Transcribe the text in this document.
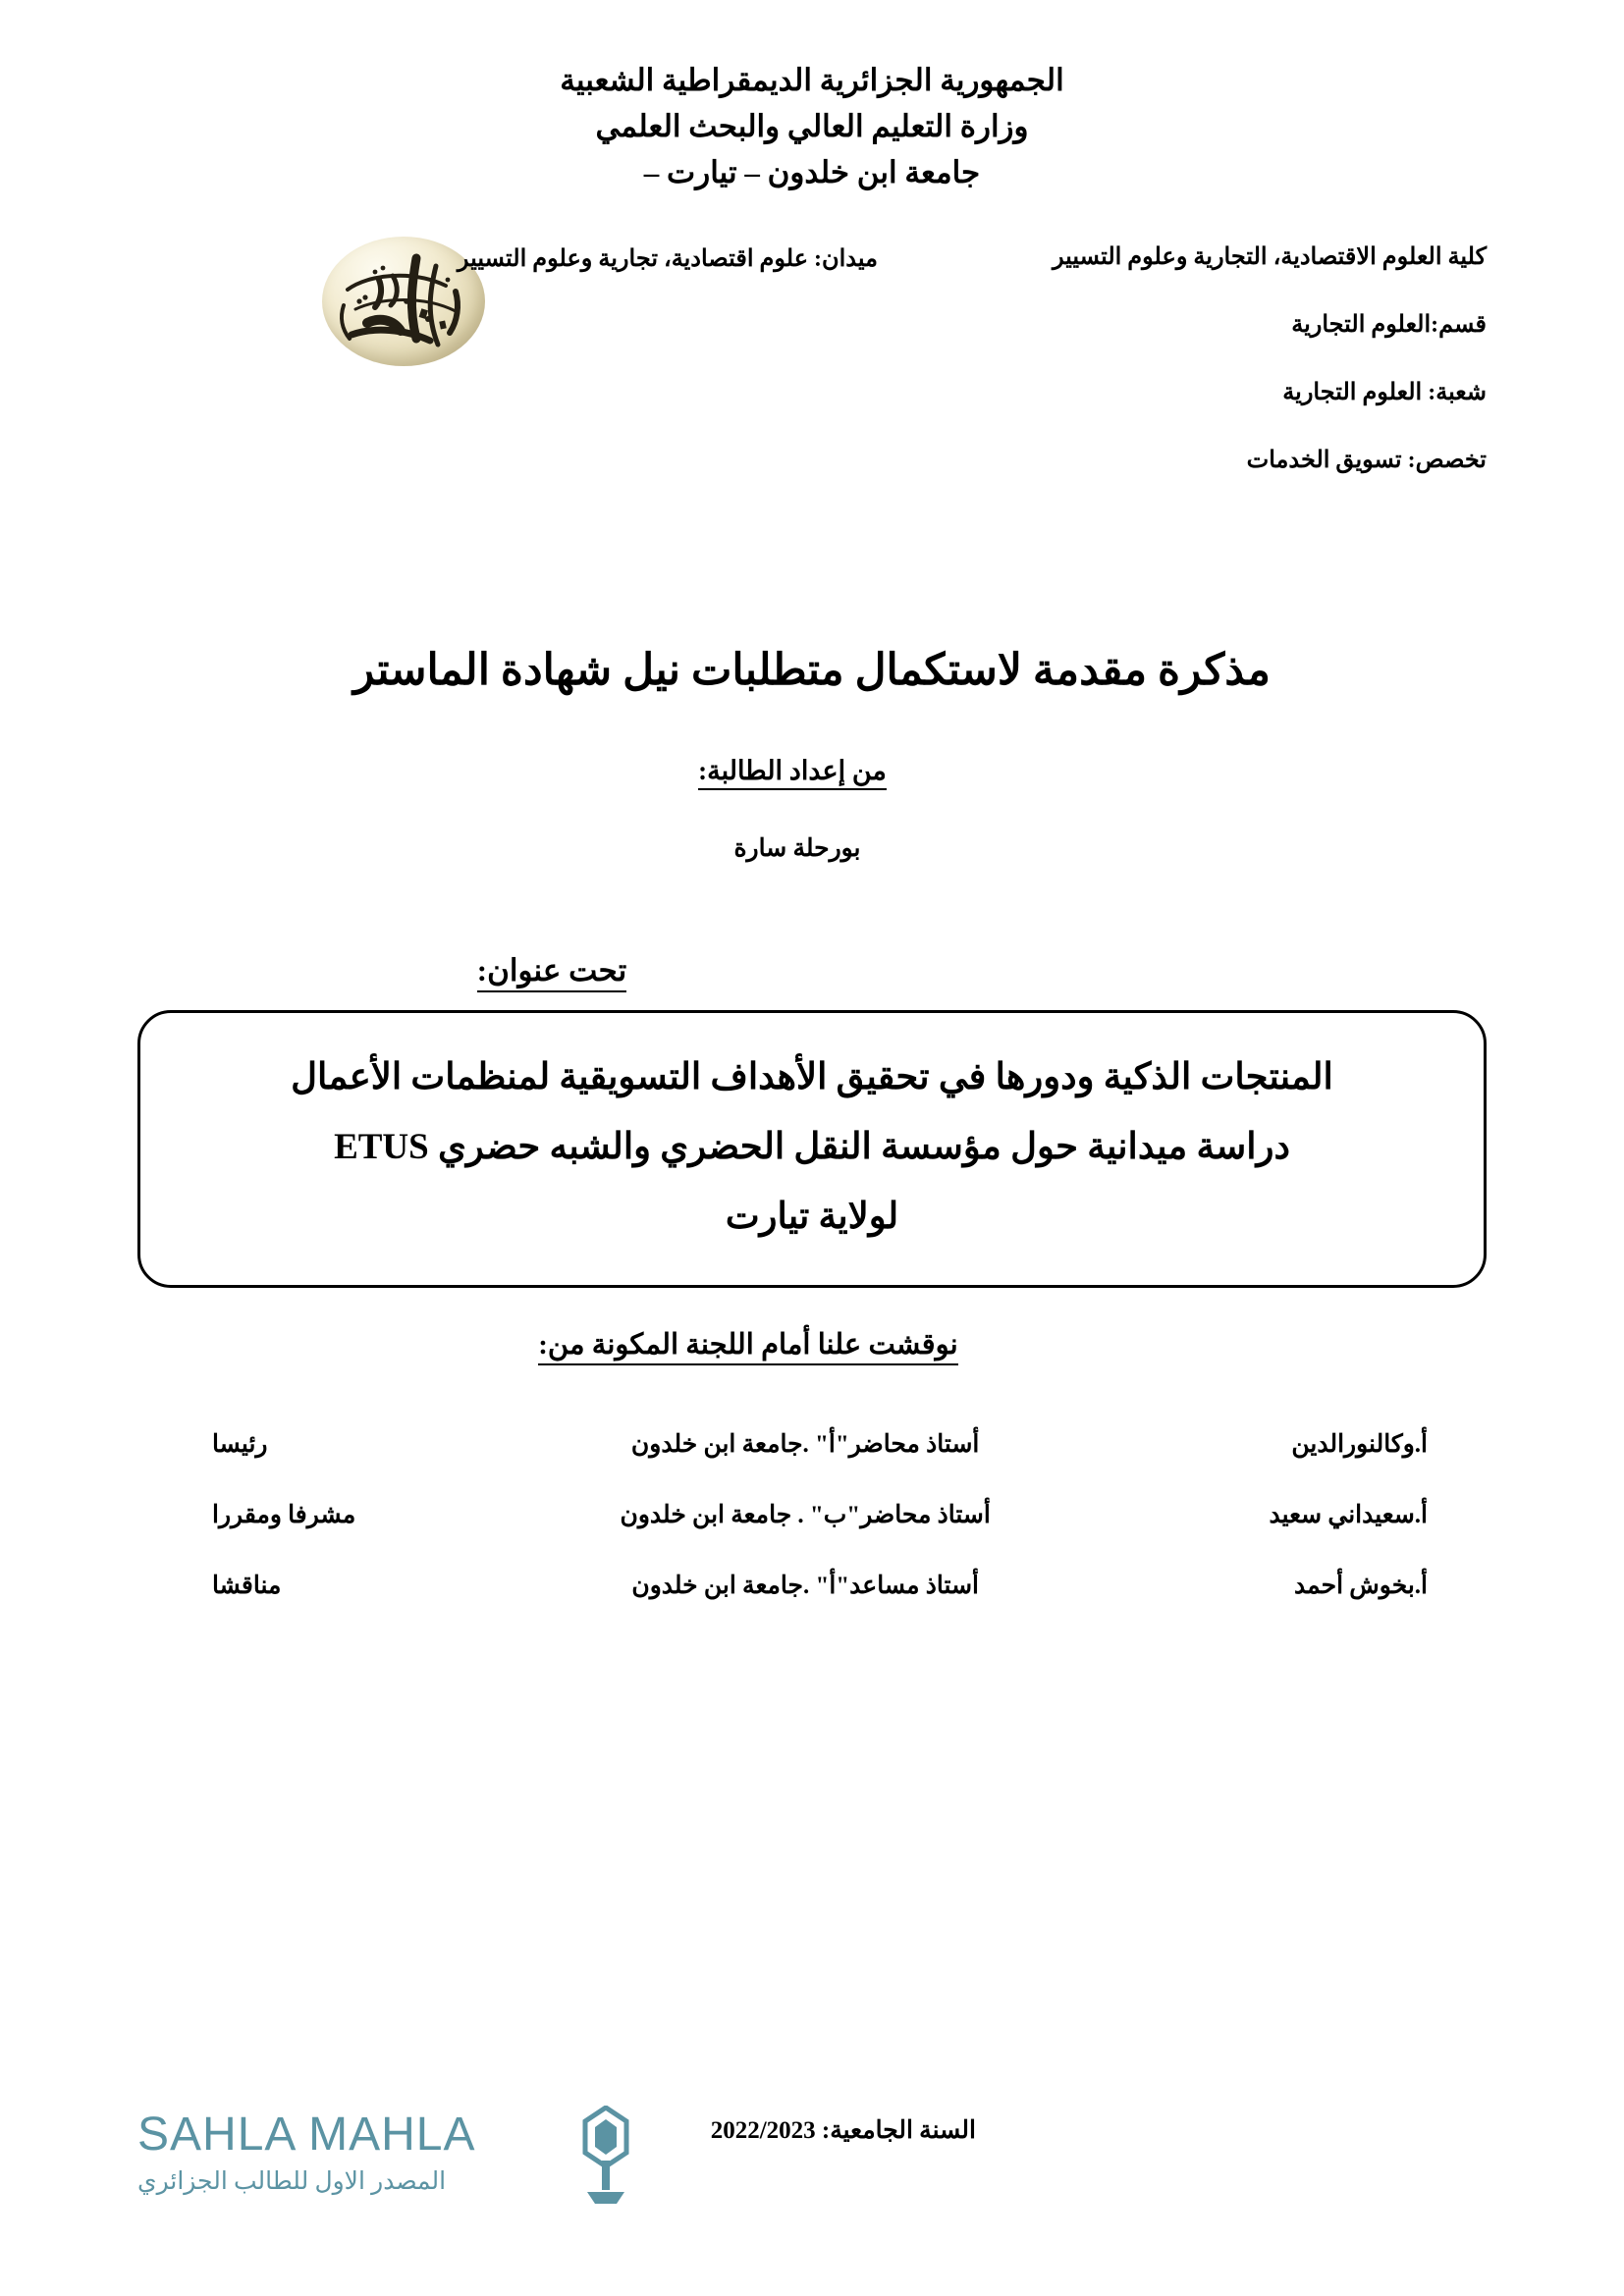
الجمهورية الجزائرية الديمقراطية الشعبية
وزارة التعليم العالي والبحث العلمي
جامعة ابن خلدون – تيارت –
ميدان: علوم اقتصادية، تجارية وعلوم التسيير	كلية العلوم الاقتصادية، التجارية وعلوم التسيير
قسم:العلوم التجارية
شعبة: العلوم التجارية
تخصص: تسويق الخدمات
مذكرة مقدمة لاستكمال متطلبات نيل شهادة الماستر
من إعداد الطالبة:
بورحلة سارة
تحت عنوان:
المنتجات الذكية ودورها في تحقيق الأهداف التسويقية لمنظمات الأعمال
دراسة ميدانية حول مؤسسة النقل الحضري والشبه حضري ETUS
لولاية تيارت
نوقشت علنا أمام اللجنة المكونة من:
أ.وكالنورالدين	أستاذ محاضر"أ" .جامعة ابن خلدون	رئيسا
أ.سعيداني سعيد	أستاذ محاضر"ب" . جامعة ابن خلدون	مشرفا ومقررا
أ.بخوش أحمد	أستاذ مساعد"أ" .جامعة ابن خلدون	مناقشا
السنة الجامعية: 2022/2023
SAHLA MAHLA
المصدر الاول للطالب الجزائري
